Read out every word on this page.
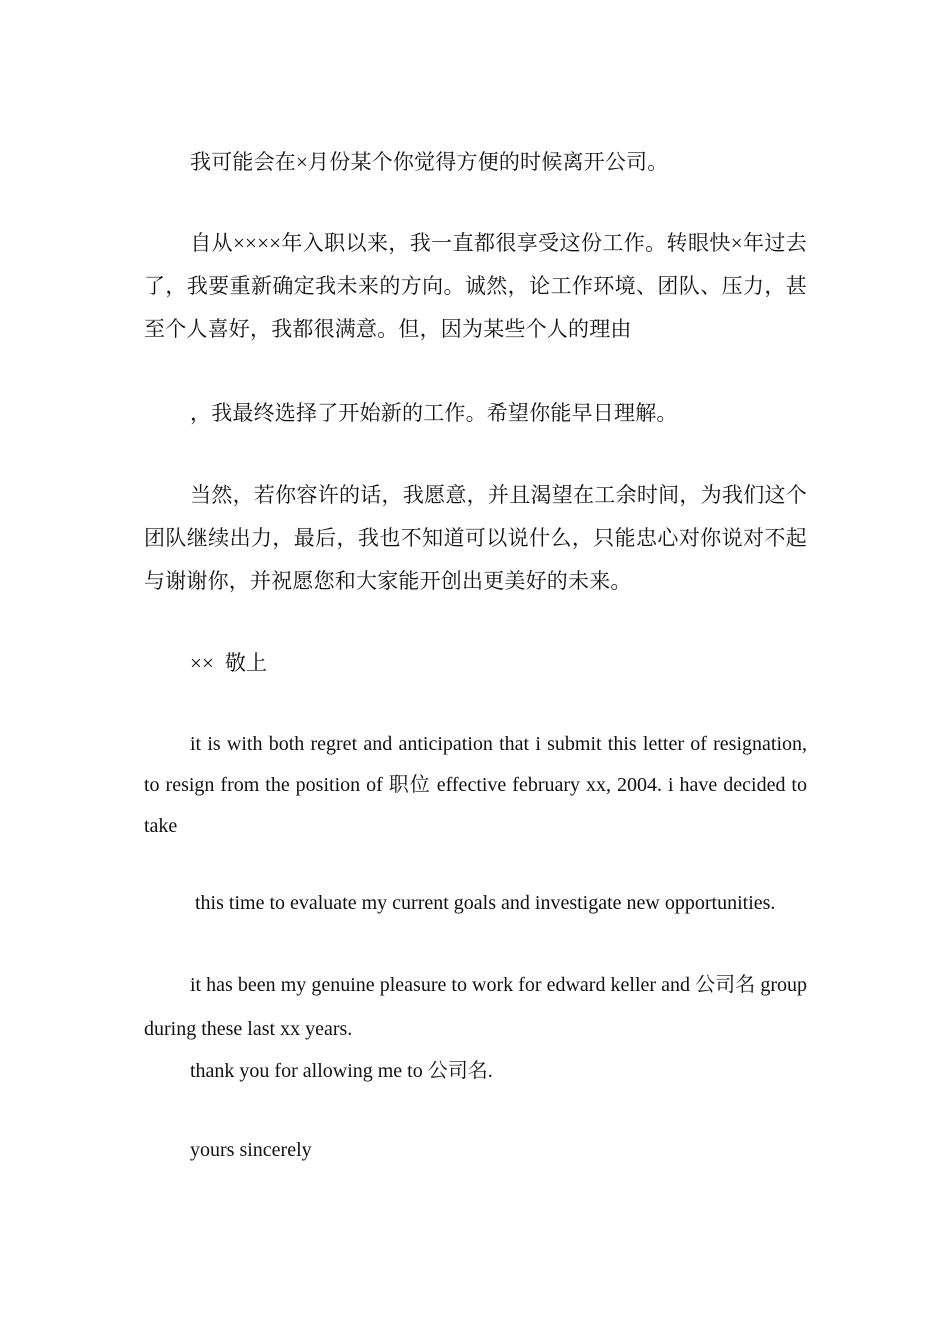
我可能会在×月份某个你觉得方便的时候离开公司。

自从××××年入职以来，我一直都很享受这份工作。转眼快×年过去了，我要重新确定我未来的方向。诚然，论工作环境、团队、压力，甚至个人喜好，我都很满意。但，因为某些个人的理由

，我最终选择了开始新的工作。希望你能早日理解。

当然，若你容许的话，我愿意，并且渴望在工余时间，为我们这个团队继续出力，最后，我也不知道可以说什么，只能忠心对你说对不起与谢谢你，并祝愿您和大家能开创出更美好的未来。

××  敬上

it is with both regret and anticipation that i submit this letter of resignation, to resign from the position of 职位 effective february xx, 2004. i have decided to take

this time to evaluate my current goals and investigate new opportunities.

it has been my genuine pleasure to work for edward keller and 公司名 group during these last xx years.

thank you for allowing me to 公司名.

yours sincerely
